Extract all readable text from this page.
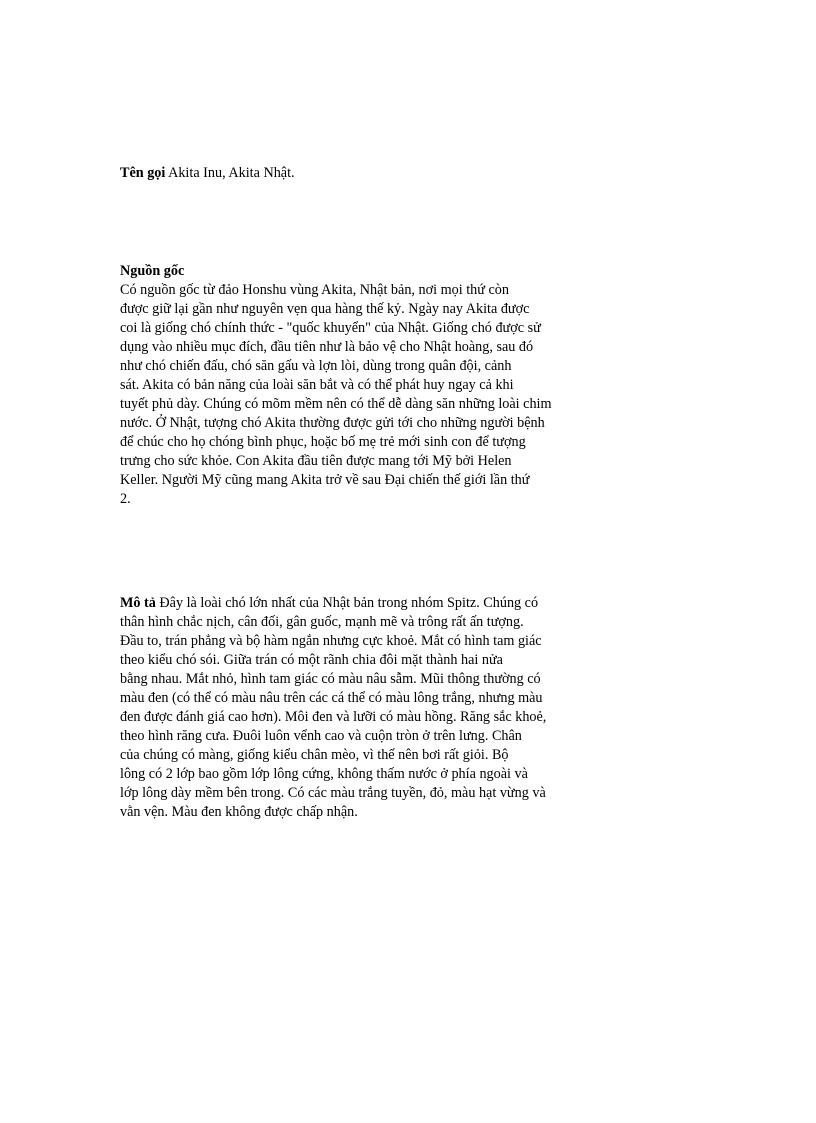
Tên gọi Akita Inu, Akita Nhật.
Nguồn gốc
Có nguồn gốc từ đảo Honshu vùng Akita, Nhật bản, nơi mọi thứ còn
được giữ lại gần như nguyên vẹn qua hàng thế kỷ. Ngày nay Akita được
coi là giống chó chính thức - "quốc khuyển" của Nhật. Giống chó được sử
dụng vào nhiều mục đích, đầu tiên như là bảo vệ cho Nhật hoàng, sau đó
như chó chiến đấu, chó săn gấu và lợn lòi, dùng trong quân đội, cảnh
sát. Akita có bản năng của loài săn bắt và có thể phát huy ngay cả khi
tuyết phủ dày. Chúng có mõm mềm nên có thể dễ dàng săn những loài chim
nước. Ở Nhật, tượng chó Akita thường được gửi tới cho những người bệnh
để chúc cho họ chóng bình phục, hoặc bố mẹ trẻ mới sinh con để tượng
trưng cho sức khỏe. Con Akita đầu tiên được mang tới Mỹ bởi Helen
Keller. Người Mỹ cũng mang Akita trở về sau Đại chiến thế giới lần thứ
2.
Mô tả Đây là loài chó lớn nhất của Nhật bản trong nhóm Spitz. Chúng có
thân hình chắc nịch, cân đối, gân guốc, mạnh mẽ và trông rất ấn tượng.
Đầu to, trán phẳng và bộ hàm ngắn nhưng cực khoẻ. Mắt có hình tam giác
theo kiểu chó sói. Giữa trán có một rãnh chia đôi mặt thành hai nửa
bằng nhau. Mắt nhỏ, hình tam giác có màu nâu sẫm. Mũi thông thường có
màu đen (có thể có màu nâu trên các cá thể có màu lông trắng, nhưng màu
đen được đánh giá cao hơn). Môi đen và lưỡi có màu hồng. Răng sắc khoẻ,
theo hình răng cưa. Đuôi luôn vểnh cao và cuộn tròn ở trên lưng. Chân
của chúng có màng, giống kiểu chân mèo, vì thế nên bơi rất giỏi. Bộ
lông có 2 lớp bao gồm lớp lông cứng, không thấm nước ở phía ngoài và
lớp lông dày mềm bên trong. Có các màu trắng tuyền, đỏ, màu hạt vừng và
vằn vện. Màu đen không được chấp nhận.
